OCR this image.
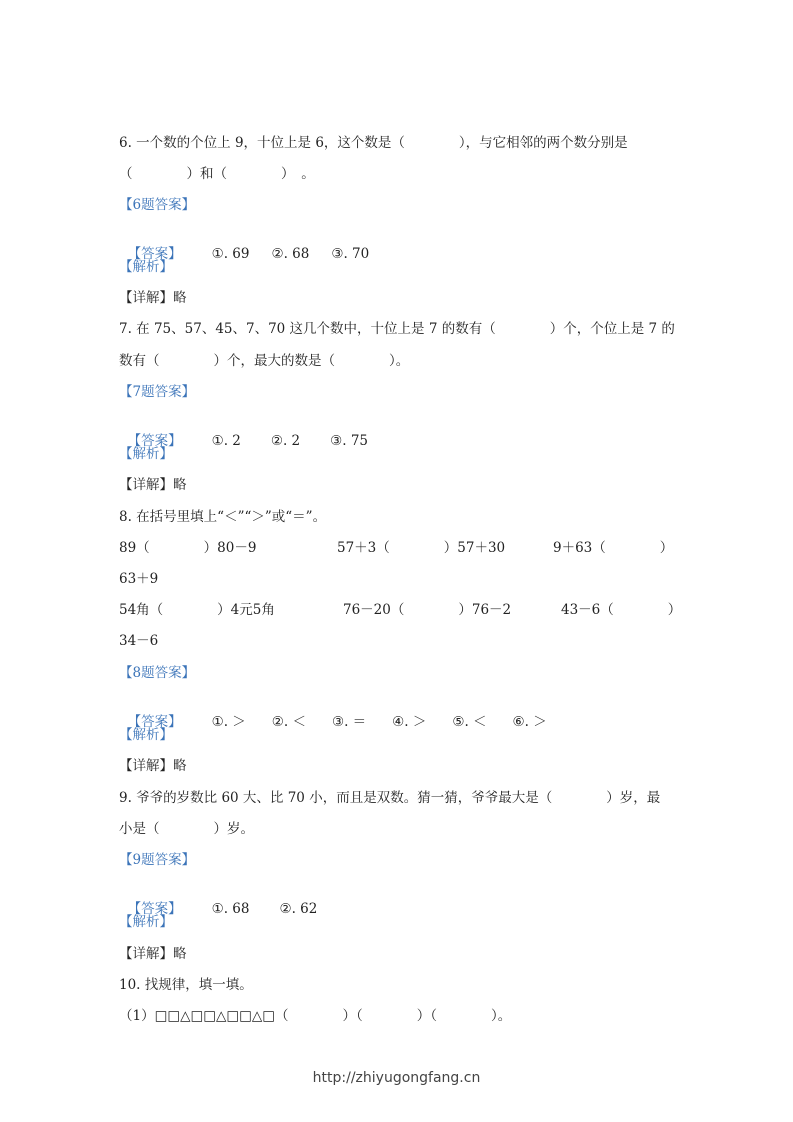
6. 一个数的个位上 9，十位上是 6，这个数是（　　　　），与它相邻的两个数分别是
（　　　　）和（　　　　）　。
【6题答案】

【答案】 ①. 69 ②. 68 ③. 70

【解析】
【详解】略
7. 在 75、57、45、7、70 这几个数中，十位上是 7 的数有（　　　　）个，个位上是 7 的
数有（　　　　）个，最大的数是（　　　　）。
【7题答案】

【答案】 ①. 2 ②. 2 ③. 75

【解析】
【详解】略
8. 在括号里填上“＜”“＞”或“＝”。
89（　　　　）80－9	57＋3（　　　　）57＋30	9＋63（　　　　）
63＋9
54角（　　　　）4元5角	76－20（　　　　）76－2	43－6（　　　　）
34－6
【8题答案】

【答案】 ①. ＞ ②. ＜ ③. ＝ ④. ＞ ⑤. ＜ ⑥. ＞

【解析】
【详解】略
9. 爷爷的岁数比 60 大、比 70 小，而且是双数。猜一猜，爷爷最大是（　　　　）岁，最
小是（　　　　）岁。
【9题答案】

【答案】 ①. 68 ②. 62

【解析】
【详解】略
10. 找规律，填一填。
（1）□□△□□△□□△□（　　　　）（　　　　）（　　　　）。
http://zhiyugongfang.cn
